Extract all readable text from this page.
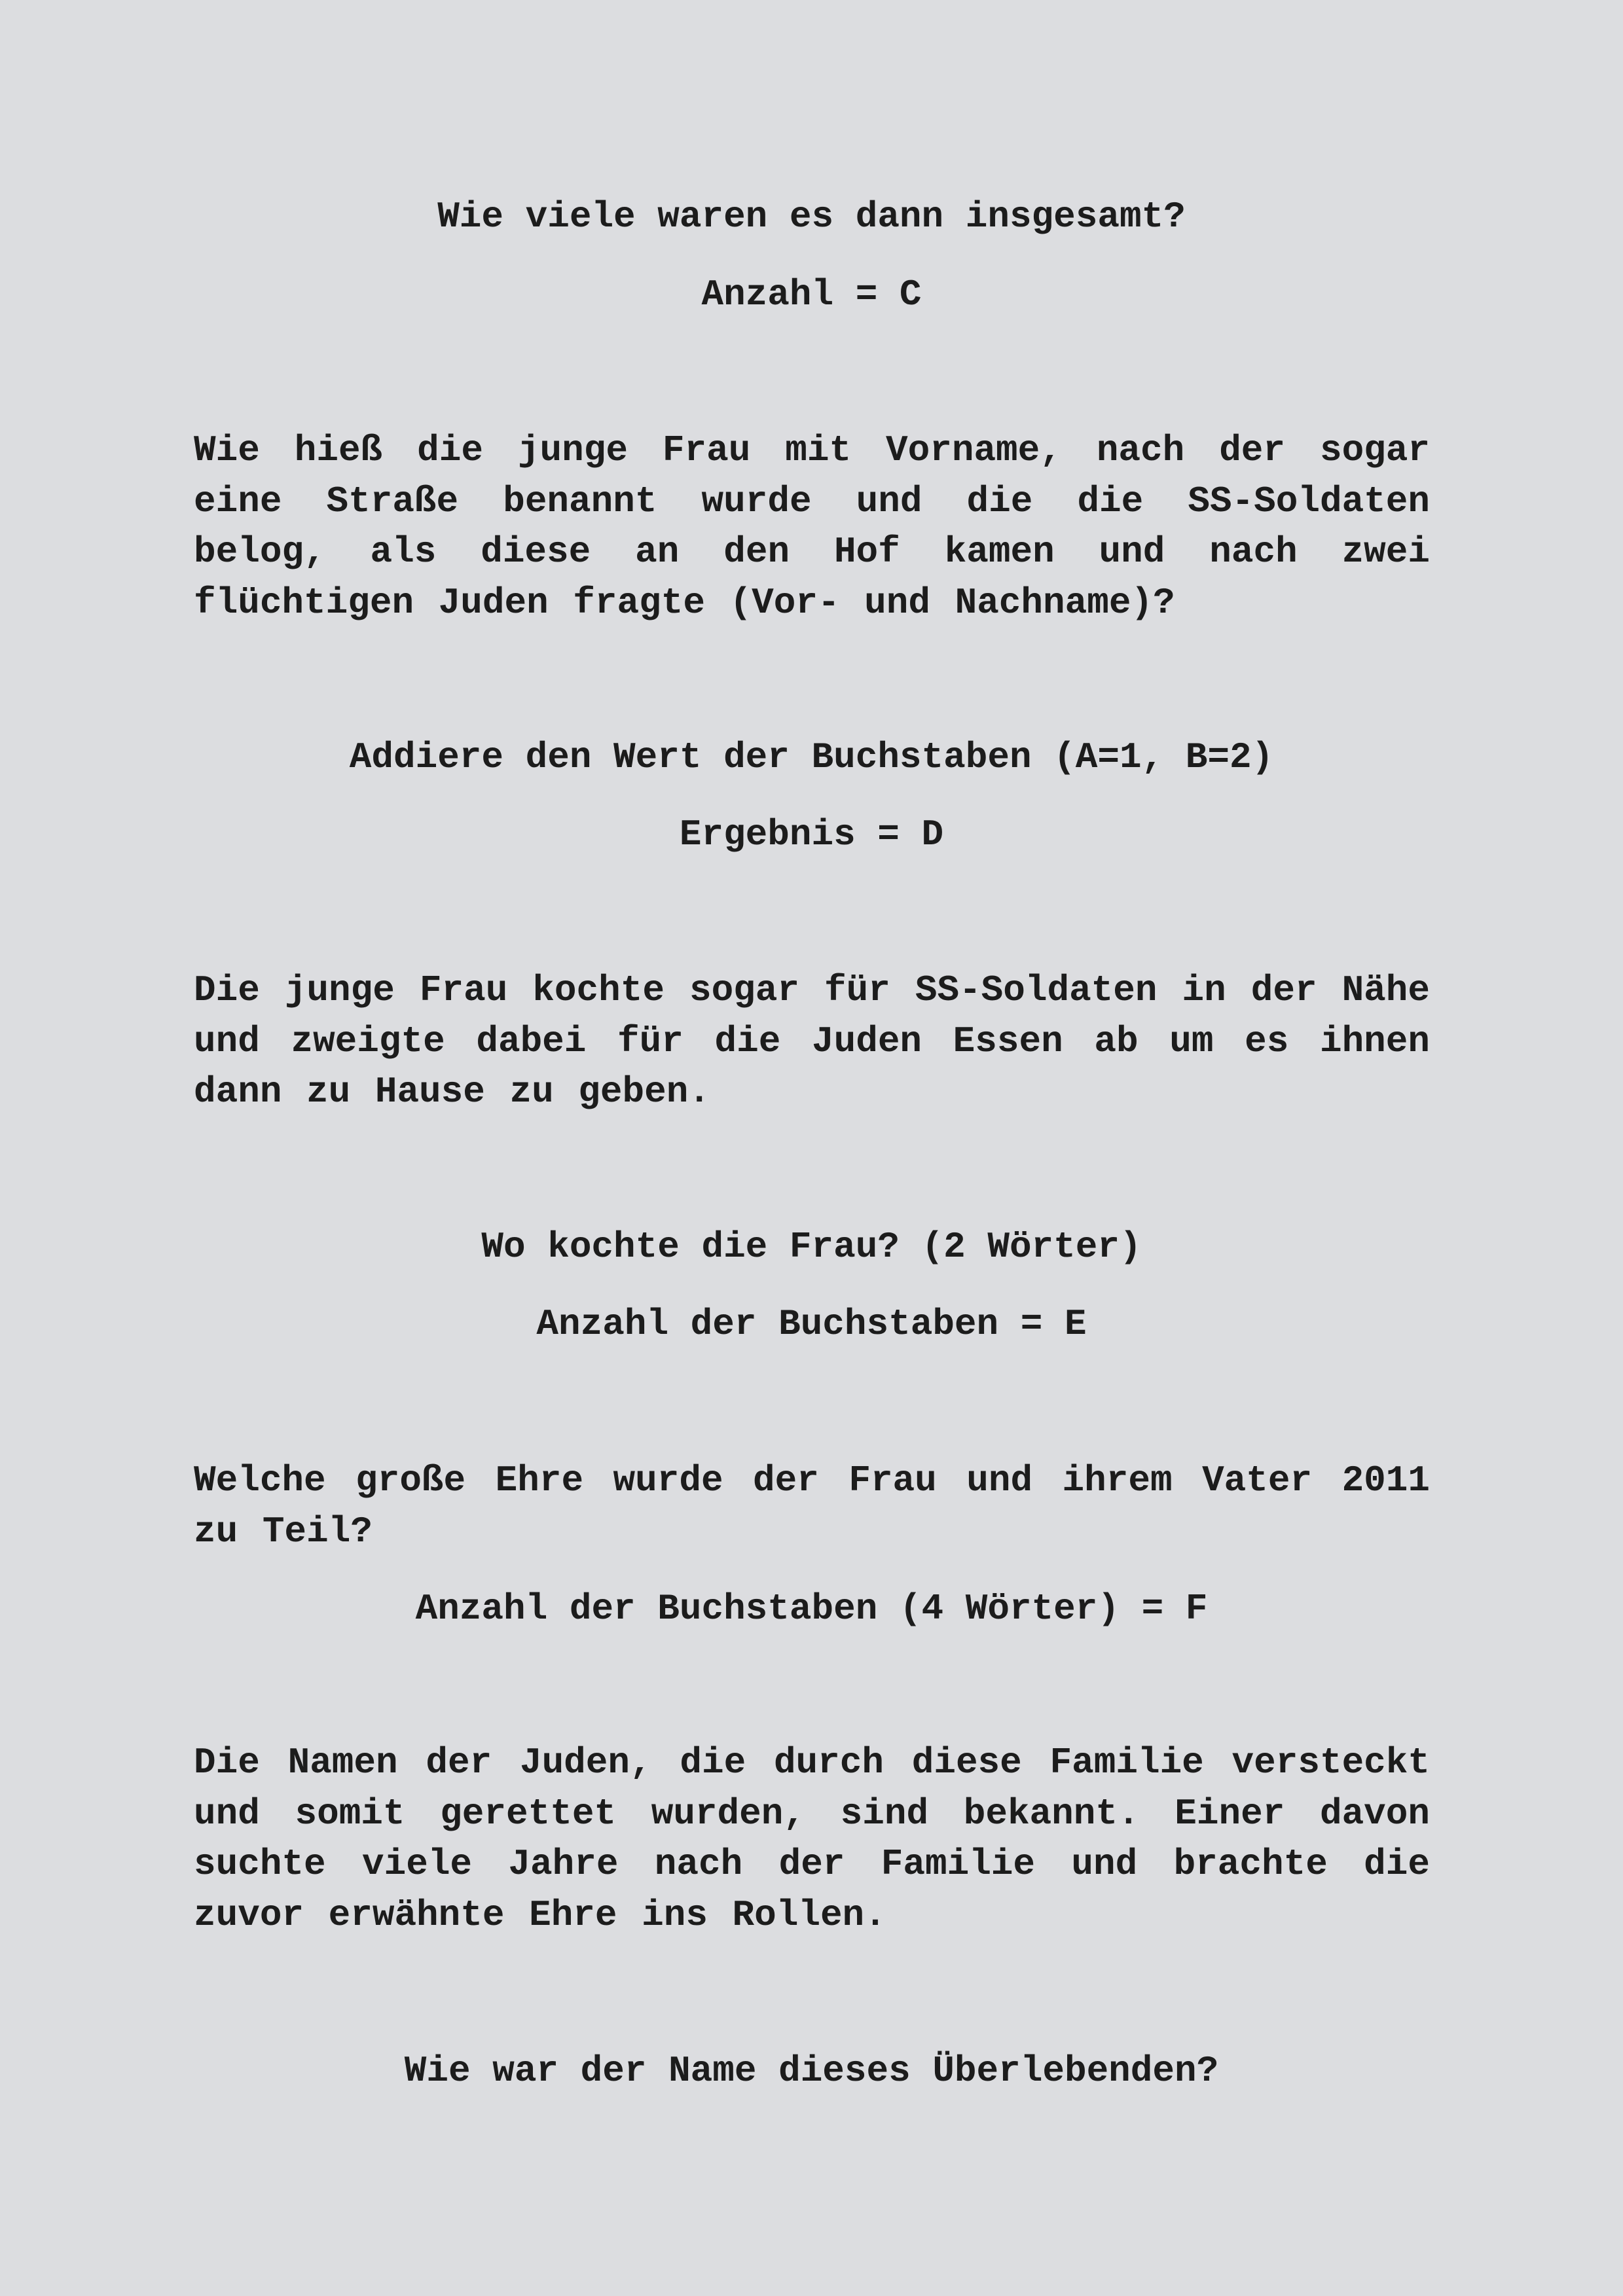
Wie viele waren es dann insgesamt?
Anzahl = C
Wie hieß die junge Frau mit Vorname, nach der sogar eine Straße benannt wurde und die die SS-Soldaten belog, als diese an den Hof kamen und nach zwei flüchtigen Juden fragte (Vor- und Nachname)?
Addiere den Wert der Buchstaben (A=1, B=2)
Ergebnis = D
Die junge Frau kochte sogar für SS-Soldaten in der Nähe und zweigte dabei für die Juden Essen ab um es ihnen dann zu Hause zu geben.
Wo kochte die Frau? (2 Wörter)
Anzahl der Buchstaben = E
Welche große Ehre wurde der Frau und ihrem Vater 2011 zu Teil?
Anzahl der Buchstaben (4 Wörter) = F
Die Namen der Juden, die durch diese Familie versteckt und somit gerettet wurden, sind bekannt. Einer davon suchte viele Jahre nach der Familie und brachte die zuvor erwähnte Ehre ins Rollen.
Wie war der Name dieses Überlebenden?
